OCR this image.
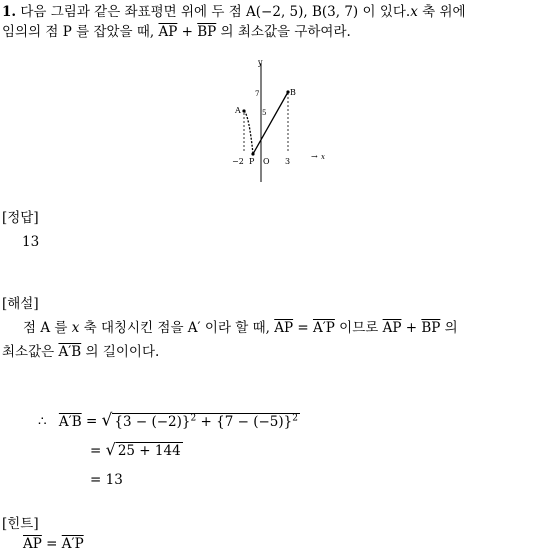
1. 다음 그림과 같은 좌표평면 위에 두 점 A(−2, 5), B(3, 7) 이 있다.x 축 위에
임의의 점 P 를 잡았을 때, $\overline{AP} + \overline{BP}$ 의 최소값을 구하여라.
y
→ x
A
B
7
5
−2 P O 3
[정답]
13
[해설]
점 A 를 x 축 대칭시킨 점을 A′ 이라 할 때, $\overline{AP} = A'P$ 이므로 $\overline{AP} + \overline{BP}$ 의
최소값은 A′B 의 길이이다.
∴ A′B = √ $\{3 - (-2)\}^2 + \{7 - (-5)\}^2$
= √ 25 + 144
= 13
[힌트]
$\overline{AP} = A'P$
